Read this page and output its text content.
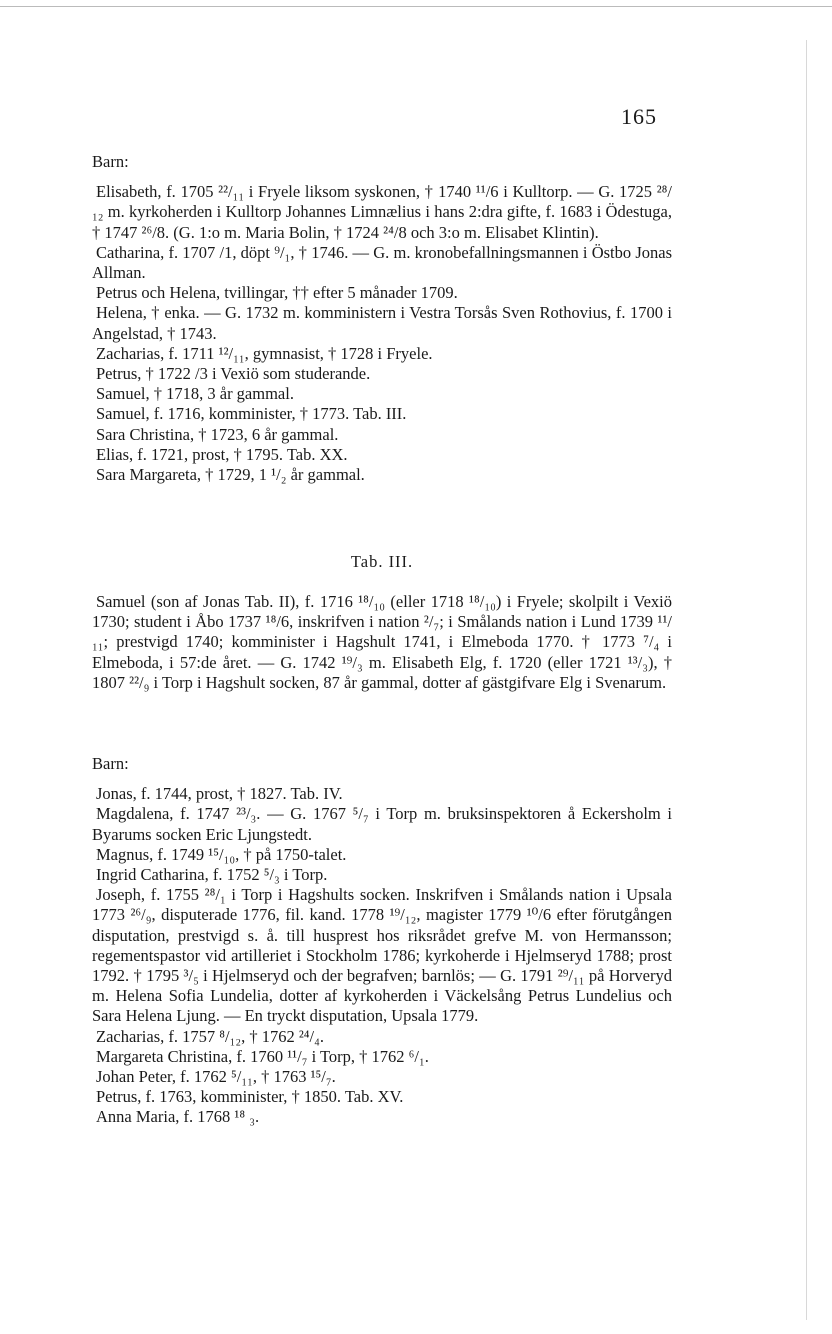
165

Barn:

Elisabeth, f. 1705 ²²/₁₁ i Fryele liksom syskonen, † 1740 ¹¹/6 i Kulltorp. — G. 1725 ²⁸/₁₂ m. kyrkoherden i Kulltorp Johannes Limnælius i hans 2:dra gifte, f. 1683 i Ödestuga, † 1747 ²⁶/8. (G. 1:o m. Maria Bolin, † 1724 ²⁴/8 och 3:o m. Elisabet Klintin).

Catharina, f. 1707 /1, döpt ⁹/₁, † 1746. — G. m. kronobefallningsmannen i Östbo Jonas Allman.

Petrus och Helena, tvillingar, †† efter 5 månader 1709.

Helena, † enka. — G. 1732 m. komministern i Vestra Torsås Sven Rothovius, f. 1700 i Angelstad, † 1743.

Zacharias, f. 1711 ¹²/₁₁, gymnasist, † 1728 i Fryele.

Petrus, † 1722 /3 i Vexiö som studerande.

Samuel, † 1718, 3 år gammal.

Samuel, f. 1716, komminister, † 1773. Tab. III.

Sara Christina, † 1723, 6 år gammal.

Elias, f. 1721, prost, † 1795. Tab. XX.

Sara Margareta, † 1729, 1 ¹/₂ år gammal.

Tab. III.

Samuel (son af Jonas Tab. II), f. 1716 ¹⁸/₁₀ (eller 1718 ¹⁸/₁₀) i Fryele; skolpilt i Vexiö 1730; student i Åbo 1737 ¹⁸/6, inskrifven i nation ²/₇; i Smålands nation i Lund 1739 ¹¹/₁₁; prestvigd 1740; komminister i Hagshult 1741, i Elmeboda 1770. † 1773 ⁷/₄ i Elmeboda, i 57:de året. — G. 1742 ¹⁹/₃ m. Elisabeth Elg, f. 1720 (eller 1721 ¹³/₃), † 1807 ²²/₉ i Torp i Hagshult socken, 87 år gammal, dotter af gästgifvare Elg i Svenarum.

Barn:

Jonas, f. 1744, prost, † 1827. Tab. IV.

Magdalena, f. 1747 ²³/₃. — G. 1767 ⁵/₇ i Torp m. bruksinspektoren å Eckersholm i Byarums socken Eric Ljungstedt.

Magnus, f. 1749 ¹⁵/₁₀, † på 1750-talet.

Ingrid Catharina, f. 1752 ⁵/₃ i Torp.

Joseph, f. 1755 ²⁸/₁ i Torp i Hagshults socken. Inskrifven i Smålands nation i Upsala 1773 ²⁶/₉, disputerade 1776, fil. kand. 1778 ¹⁹/₁₂, magister 1779 ¹⁰/6 efter förutgången disputation, prestvigd s. å. till husprest hos riksrådet grefve M. von Hermansson; regementspastor vid artilleriet i Stockholm 1786; kyrkoherde i Hjelmseryd 1788; prost 1792. † 1795 ³/₅ i Hjelmseryd och der begrafven; barnlös; — G. 1791 ²⁹/₁₁ på Horveryd m. Helena Sofia Lundelia, dotter af kyrkoherden i Väckelsång Petrus Lundelius och Sara Helena Ljung. — En tryckt disputation, Upsala 1779.

Zacharias, f. 1757 ⁸/₁₂, † 1762 ²⁴/₄.

Margareta Christina, f. 1760 ¹¹/₇ i Torp, † 1762 ⁶/₁.

Johan Peter, f. 1762 ⁵/₁₁, † 1763 ¹⁵/₇.

Petrus, f. 1763, komminister, † 1850. Tab. XV.

Anna Maria, f. 1768 ¹⁸ ₃.
